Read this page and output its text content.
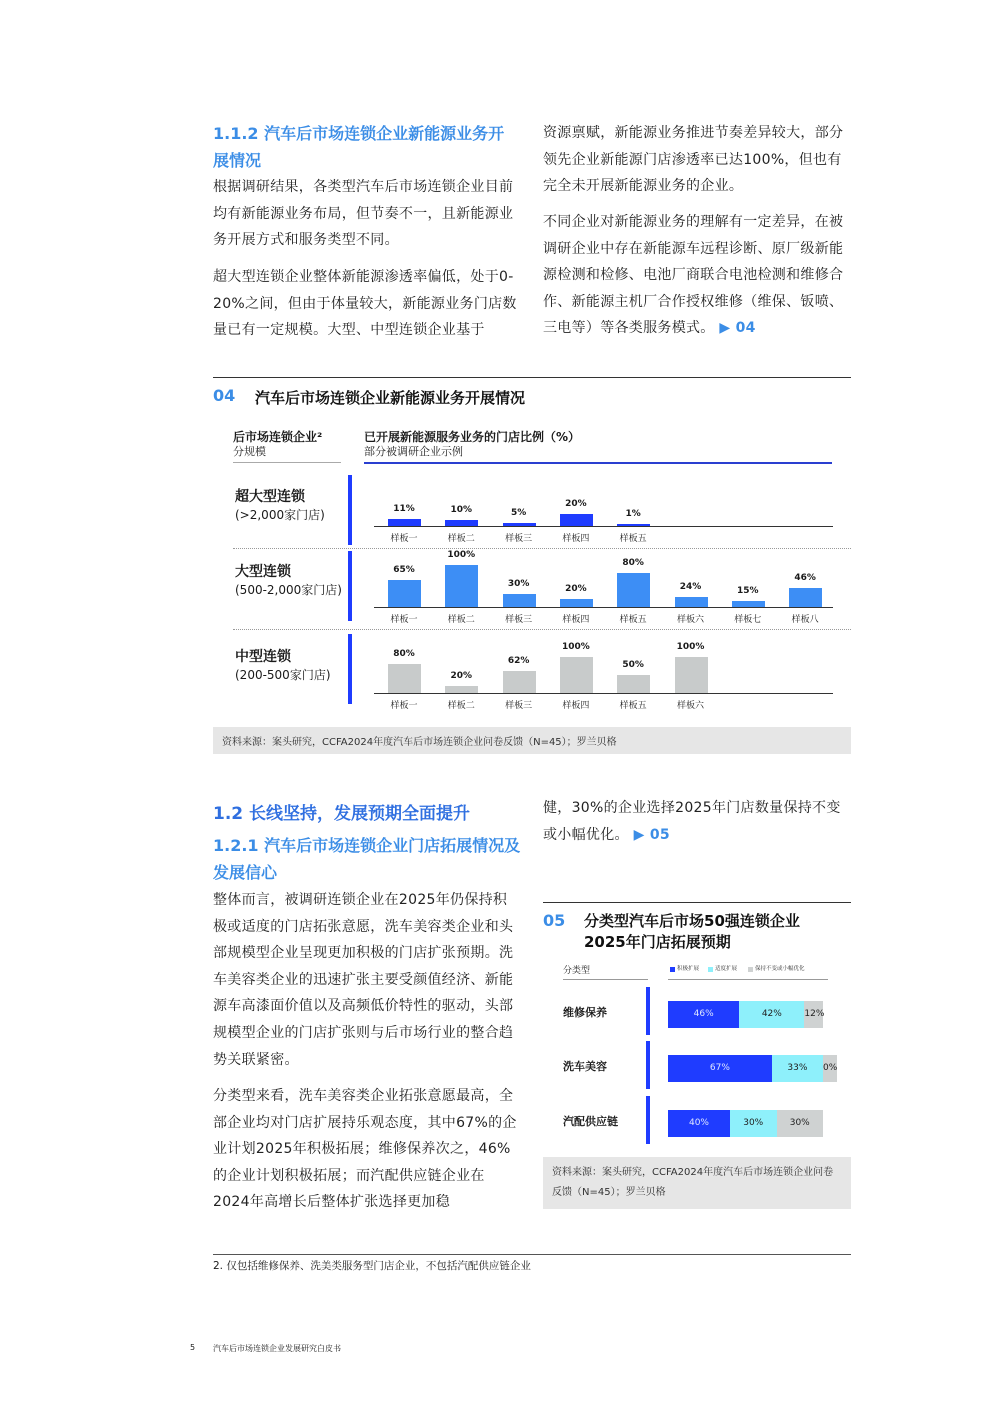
1.1.2 汽车后市场连锁企业新能源业务开展情况
根据调研结果，各类型汽车后市场连锁企业目前均有新能源业务布局，但节奏不一，且新能源业务开展方式和服务类型不同。
超大型连锁企业整体新能源渗透率偏低，处于0-20%之间，但由于体量较大，新能源业务门店数量已有一定规模。大型、中型连锁企业基于
资源禀赋，新能源业务推进节奏差异较大，部分领先企业新能源门店渗透率已达100%，但也有完全未开展新能源业务的企业。
不同企业对新能源业务的理解有一定差异，在被调研企业中存在新能源车远程诊断、原厂级新能源检测和检修、电池厂商联合电池检测和维修合作、新能源主机厂合作授权维修（维保、钣喷、三电等）等各类服务模式。 ▶ 04
04 汽车后市场连锁企业新能源业务开展情况
后市场连锁企业²
分规模
已开展新能源服务业务的门店比例（%）
部分被调研企业示例
资料来源：案头研究，CCFA2024年度汽车后市场连锁企业问卷反馈（N=45）；罗兰贝格
1.2 长线坚持，发展预期全面提升
1.2.1 汽车后市场连锁企业门店拓展情况及发展信心
整体而言，被调研连锁企业在2025年仍保持积极或适度的门店拓张意愿，洗车美容类企业和头部规模型企业呈现更加积极的门店扩张预期。洗车美容类企业的迅速扩张主要受颜值经济、新能源车高漆面价值以及高频低价特性的驱动，头部规模型企业的门店扩张则与后市场行业的整合趋势关联紧密。
分类型来看，洗车美容类企业拓张意愿最高，全部企业均对门店扩展持乐观态度，其中67%的企业计划2025年积极拓展；维修保养次之，46%的企业计划积极拓展；而汽配供应链企业在2024年高增长后整体扩张选择更加稳
健，30%的企业选择2025年门店数量保持不变或小幅优化。 ▶ 05
05 分类型汽车后市场50强连锁企业2025年门店拓展预期
资料来源：案头研究，CCFA2024年度汽车后市场连锁企业问卷反馈（N=45）；罗兰贝格
2. 仅包括维修保养、洗美类服务型门店企业，不包括汽配供应链企业
5 汽车后市场连锁企业发展研究白皮书
超大型连锁
(>2,000家门店)	11%
样板一
10%
样板二
5%
样板三
20%
样板四
1%
样板五
大型连锁
(500-2,000家门店)
65%
样板一
100%
样板二
30%
样板三
20%
样板四
80%
样板五
24%
样板六
15%
样板七
46%
样板八
中型连锁
(200-500家门店)
80%
样板一
20%
样板二
62%
样板三
100%
样板四
50%
样板五
100%
样板六
分类型	积极扩展	适度扩展	保持不变或小幅优化
维修保养	46%	42%	12%
洗车美容	67%	33%	0%
汽配供应链	40%	30%	30%
